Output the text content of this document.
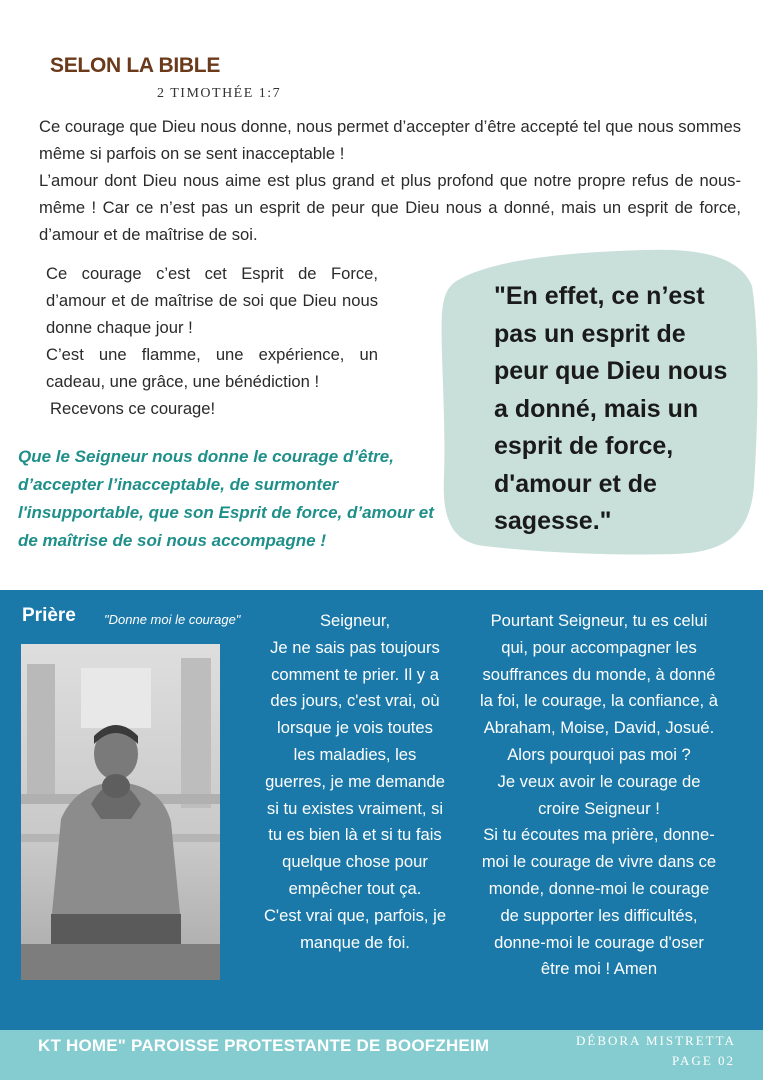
SELON LA BIBLE
2 TIMOTHÉE 1:7

Ce courage que Dieu nous donne, nous permet d’accepter d’être accepté tel que nous sommes même si parfois on se sent inacceptable !

L’amour dont Dieu nous aime est plus grand et plus profond que notre propre refus de nous-même ! Car ce n’est pas un esprit de peur que Dieu nous a donné, mais un esprit de force, d’amour et de maîtrise de soi.

Ce courage c’est cet Esprit de Force, d’amour et de maîtrise de soi que Dieu nous donne chaque jour !

C’est une flamme, une expérience, un cadeau, une grâce, une bénédiction !

Recevons ce courage!

Que le Seigneur nous donne le courage d’être, d’accepter l’inacceptable, de surmonter l'insupportable, que son Esprit de force, d’amour et de maîtrise de soi nous accompagne !
"En effet, ce n’est pas un esprit de peur que Dieu nous a donné, mais un esprit de force, d'amour et de sagesse."
Prière "Donne moi le courage"	Seigneur,
Je ne sais pas toujours
comment te prier. Il y a
des jours, c'est vrai, où
lorsque je vois toutes
les maladies, les
guerres, je me demande
si tu existes vraiment, si
tu es bien là et si tu fais
quelque chose pour
empêcher tout ça.
C'est vrai que, parfois, je
manque de foi.
Pourtant Seigneur, tu es celui
qui, pour accompagner les
souffrances du monde, à donné
la foi, le courage, la confiance, à
Abraham, Moise, David, Josué.
Alors pourquoi pas moi ?
Je veux avoir le courage de
croire Seigneur !
Si tu écoutes ma prière, donne-
moi le courage de vivre dans ce
monde, donne-moi le courage
de supporter les difficultés,
donne-moi le courage d'oser
être moi ! Amen
KT HOME" PAROISSE PROTESTANTE DE BOOFZHEIM	DÉBORA MISTRETTA
PAGE 02
